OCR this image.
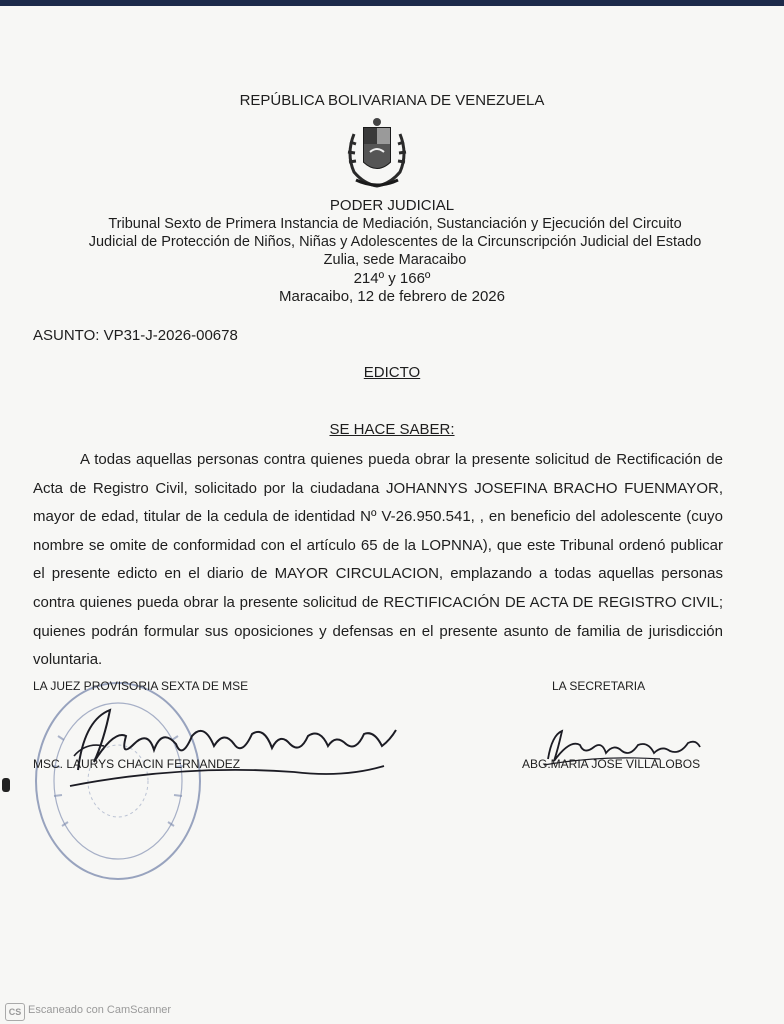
REPÚBLICA BOLIVARIANA DE VENEZUELA
PODER JUDICIAL
Tribunal Sexto de Primera Instancia de Mediación, Sustanciación y Ejecución del Circuito
Judicial de Protección de Niños, Niñas y Adolescentes de la Circunscripción Judicial del Estado
Zulia, sede Maracaibo
214º y 166º
Maracaibo, 12 de febrero de 2026
ASUNTO: VP31-J-2026-00678
EDICTO
SE HACE SABER:
A todas aquellas personas contra quienes pueda obrar la presente solicitud de Rectificación de Acta de Registro Civil, solicitado por la ciudadana JOHANNYS JOSEFINA BRACHO FUENMAYOR, mayor de edad, titular de la cedula de identidad Nº V-26.950.541, , en beneficio del adolescente (cuyo nombre se omite de conformidad con el artículo 65 de la LOPNNA), que este Tribunal ordenó publicar el presente edicto en el diario de MAYOR CIRCULACION, emplazando a todas aquellas personas contra quienes pueda obrar la presente solicitud de RECTIFICACIÓN DE ACTA DE REGISTRO CIVIL; quienes podrán formular sus oposiciones y defensas en el presente asunto de familia de jurisdicción voluntaria.
LA JUEZ PROVISORIA SEXTA DE MSE	LA SECRETARIA
MSC. LAURYS CHACIN FERNANDEZ	ABG.MARIA JOSE VILLALOBOS
CS Escaneado con CamScanner
